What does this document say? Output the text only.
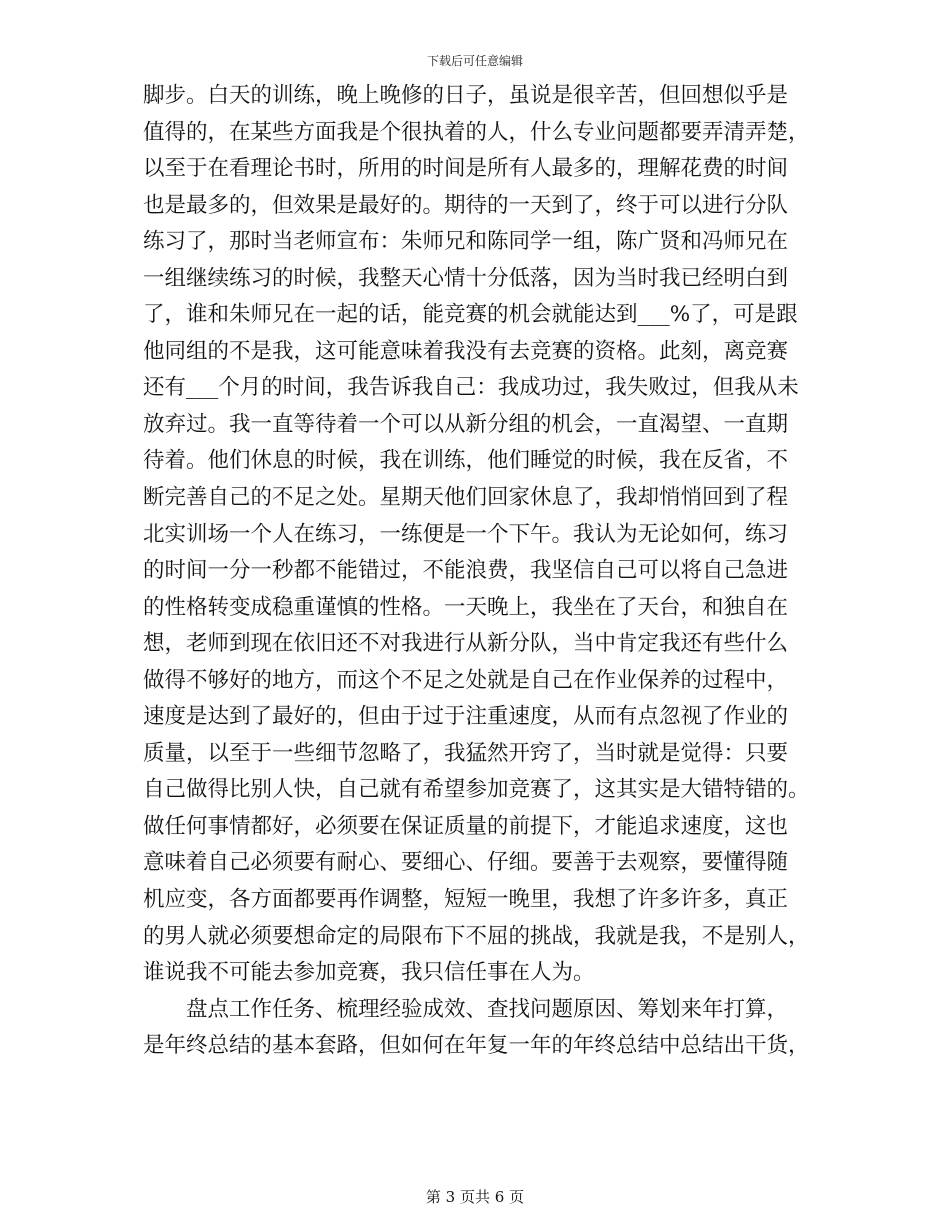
下载后可任意编辑
脚步。白天的训练，晚上晚修的日子，虽说是很辛苦，但回想似乎是
值得的，在某些方面我是个很执着的人，什么专业问题都要弄清弄楚，
以至于在看理论书时，所用的时间是所有人最多的，理解花费的时间
也是最多的，但效果是最好的。期待的一天到了，终于可以进行分队
练习了，那时当老师宣布：朱师兄和陈同学一组，陈广贤和冯师兄在
一组继续练习的时候，我整天心情十分低落，因为当时我已经明白到
了，谁和朱师兄在一起的话，能竞赛的机会就能达到___%了，可是跟
他同组的不是我，这可能意味着我没有去竞赛的资格。此刻，离竞赛
还有___个月的时间，我告诉我自己：我成功过，我失败过，但我从未
放弃过。我一直等待着一个可以从新分组的机会，一直渴望、一直期
待着。他们休息的时候，我在训练，他们睡觉的时候，我在反省，不
断完善自己的不足之处。星期天他们回家休息了，我却悄悄回到了程
北实训场一个人在练习，一练便是一个下午。我认为无论如何，练习
的时间一分一秒都不能错过，不能浪费，我坚信自己可以将自己急进
的性格转变成稳重谨慎的性格。一天晚上，我坐在了天台，和独自在
想，老师到现在依旧还不对我进行从新分队，当中肯定我还有些什么
做得不够好的地方，而这个不足之处就是自己在作业保养的过程中，
速度是达到了最好的，但由于过于注重速度，从而有点忽视了作业的
质量，以至于一些细节忽略了，我猛然开窍了，当时就是觉得：只要
自己做得比别人快，自己就有希望参加竞赛了，这其实是大错特错的。
做任何事情都好，必须要在保证质量的前提下，才能追求速度，这也
意味着自己必须要有耐心、要细心、仔细。要善于去观察，要懂得随
机应变，各方面都要再作调整，短短一晚里，我想了许多许多，真正
的男人就必须要想命定的局限布下不屈的挑战，我就是我，不是别人，
谁说我不可能去参加竞赛，我只信任事在人为。
盘点工作任务、梳理经验成效、查找问题原因、筹划来年打算，
是年终总结的基本套路，但如何在年复一年的年终总结中总结出干货，
第 3 页共 6 页
